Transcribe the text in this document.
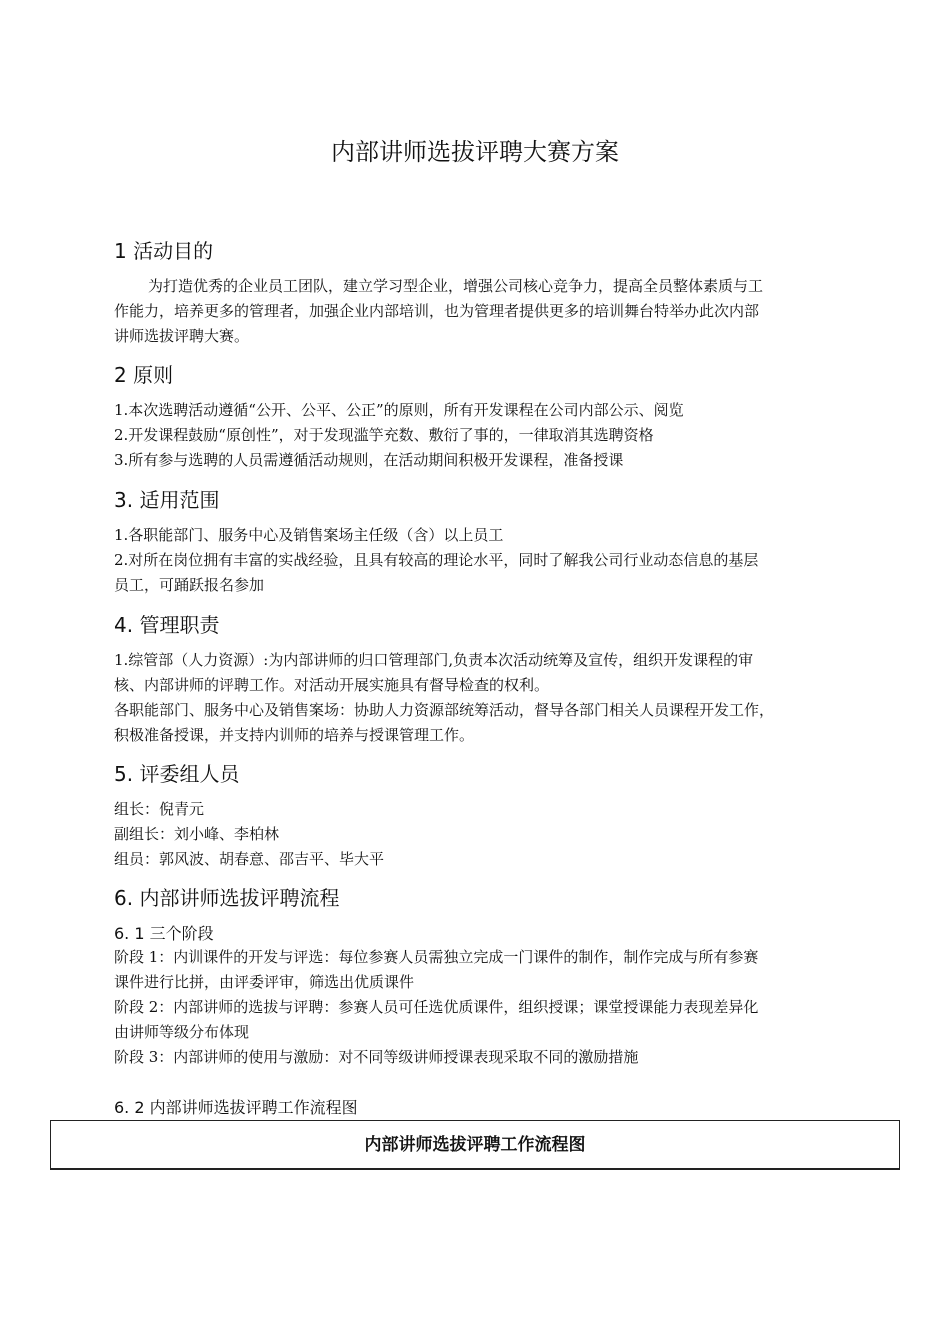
内部讲师选拔评聘大赛方案
1 活动目的
为打造优秀的企业员工团队，建立学习型企业，增强公司核心竞争力，提高全员整体素质与工
作能力，培养更多的管理者，加强企业内部培训，也为管理者提供更多的培训舞台特举办此次内部
讲师选拔评聘大赛。
2 原则
1.本次选聘活动遵循“公开、公平、公正”的原则，所有开发课程在公司内部公示、阅览
2.开发课程鼓励“原创性”，对于发现滥竽充数、敷衍了事的，一律取消其选聘资格
3.所有参与选聘的人员需遵循活动规则，在活动期间积极开发课程，准备授课
3. 适用范围
1.各职能部门、服务中心及销售案场主任级（含）以上员工
2.对所在岗位拥有丰富的实战经验，且具有较高的理论水平，同时了解我公司行业动态信息的基层
员工，可踊跃报名参加
4. 管理职责
1.综管部（人力资源）:为内部讲师的归口管理部门,负责本次活动统筹及宣传，组织开发课程的审
核、内部讲师的评聘工作。对活动开展实施具有督导检查的权利。
各职能部门、服务中心及销售案场：协助人力资源部统筹活动，督导各部门相关人员课程开发工作，
积极准备授课，并支持内训师的培养与授课管理工作。
5. 评委组人员
组长：倪青元
副组长：刘小峰、李柏林
组员：郭风波、胡春意、邵吉平、毕大平
6. 内部讲师选拔评聘流程
6. 1 三个阶段
阶段 1：内训课件的开发与评选：每位参赛人员需独立完成一门课件的制作，制作完成与所有参赛
课件进行比拼，由评委评审，筛选出优质课件
阶段 2：内部讲师的选拔与评聘：参赛人员可任选优质课件，组织授课；课堂授课能力表现差异化
由讲师等级分布体现
阶段 3：内部讲师的使用与激励：对不同等级讲师授课表现采取不同的激励措施
6. 2 内部讲师选拔评聘工作流程图
内部讲师选拔评聘工作流程图
